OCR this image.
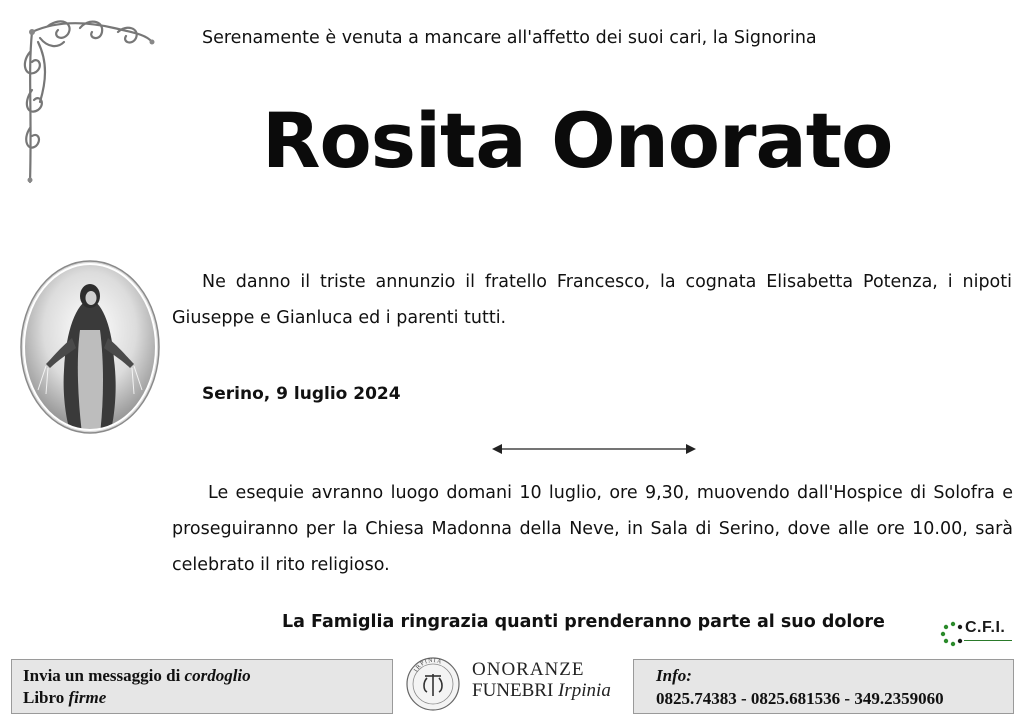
Serenamente è venuta a mancare all'affetto dei suoi cari, la Signorina
Rosita Onorato
Ne danno il triste annunzio il fratello Francesco, la cognata Elisabetta Potenza, i nipoti Giuseppe e Gianluca ed i parenti tutti.
Serino, 9 luglio 2024
Le esequie avranno luogo domani 10 luglio, ore 9,30, muovendo dall'Hospice di Solofra e proseguiranno per la Chiesa Madonna della Neve, in Sala di Serino, dove alle ore 10.00, sarà celebrato il rito religioso.
La Famiglia ringrazia quanti prenderanno parte al suo dolore	C.F.I.
Invia un messaggio di cordoglio
Libro firme
IRPINIA ONORANZE
FUNEBRI Irpinia
Info:
0825.74383 - 0825.681536 - 349.2359060
